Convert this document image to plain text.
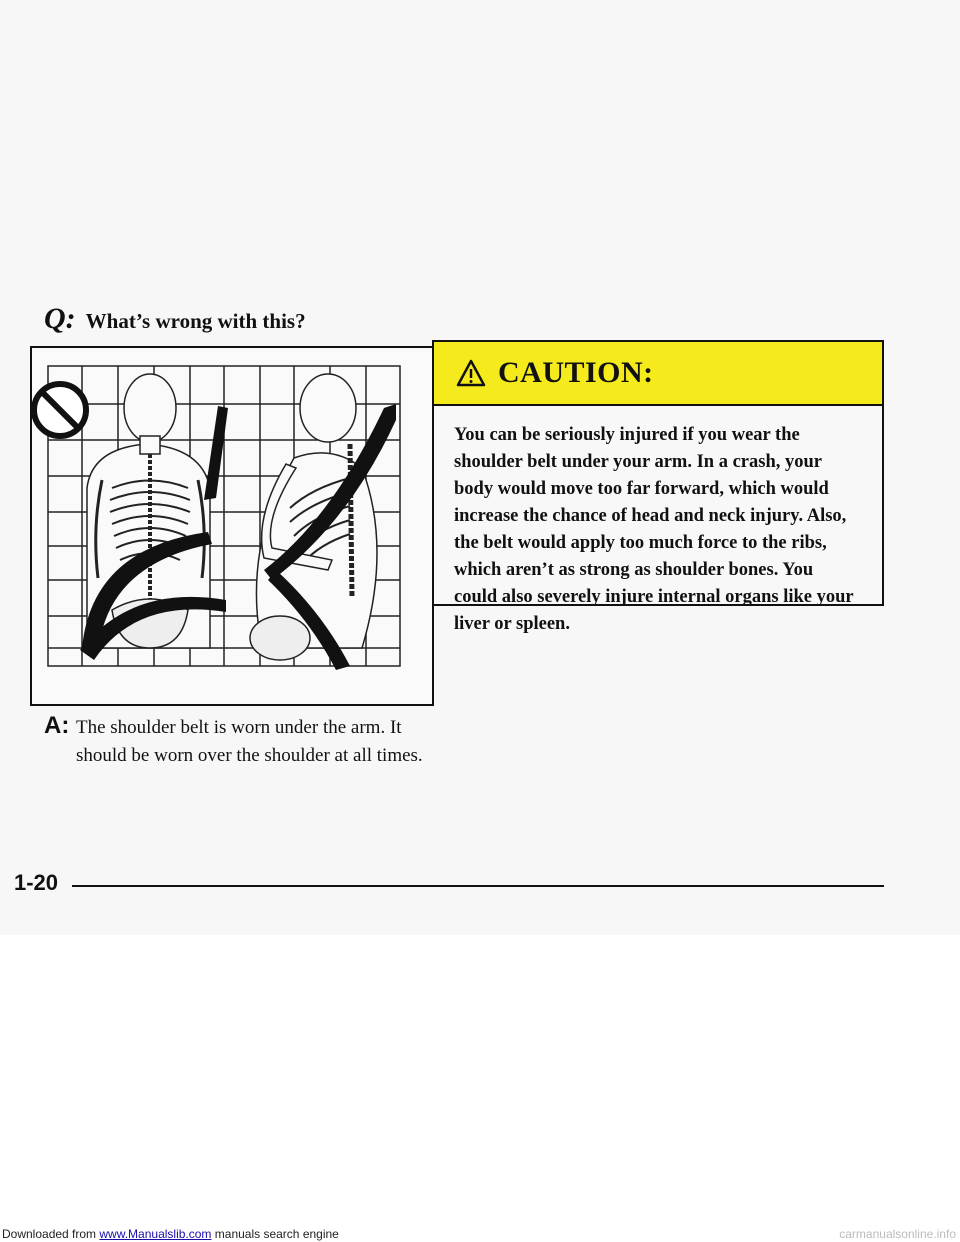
Q: What’s wrong with this?
A: The shoulder belt is worn under the arm. It should be worn over the shoulder at all times.
CAUTION:
You can be seriously injured if you wear the shoulder belt under your arm. In a crash, your body would move too far forward, which would increase the chance of head and neck injury. Also, the belt would apply too much force to the ribs, which aren’t as strong as shoulder bones. You could also severely injure internal organs like your liver or spleen.
1-20
Downloaded from www.Manualslib.com manuals search engine	carmanualsonline.info
